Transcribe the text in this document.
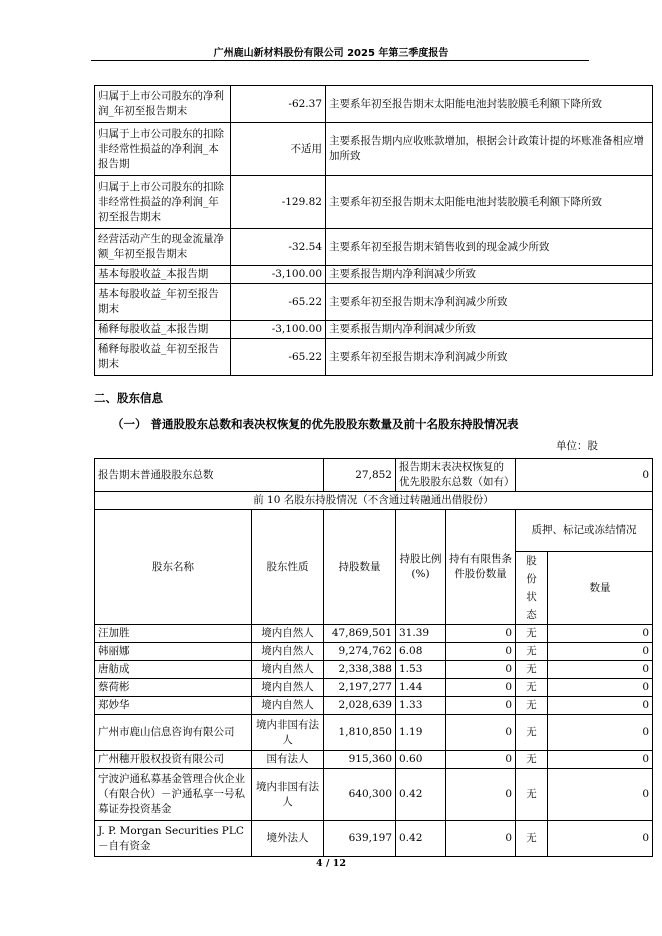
广州鹿山新材料股份有限公司 2025 年第三季度报告
归属于上市公司股东的净利润_年初至报告期末	-62.37	主要系年初至报告期末太阳能电池封装胶膜毛利额下降所致
归属于上市公司股东的扣除非经常性损益的净利润_本报告期	不适用	主要系报告期内应收账款增加，根据会计政策计提的坏账准备相应增加所致
归属于上市公司股东的扣除非经常性损益的净利润_年初至报告期末	-129.82	主要系年初至报告期末太阳能电池封装胶膜毛利额下降所致
经营活动产生的现金流量净额_年初至报告期末	-32.54	主要系年初至报告期末销售收到的现金减少所致
基本每股收益_本报告期	-3,100.00	主要系报告期内净利润减少所致
基本每股收益_年初至报告期末	-65.22	主要系年初至报告期末净利润减少所致
稀释每股收益_本报告期	-3,100.00	主要系报告期内净利润减少所致
稀释每股收益_年初至报告期末	-65.22	主要系年初至报告期末净利润减少所致
二、股东信息
（一） 普通股股东总数和表决权恢复的优先股股东数量及前十名股东持股情况表
单位：股
报告期末普通股股东总数		27,852	报告期末表决权恢复的优先股股东总数（如有）		0	
前 10 名股东持股情况（不含通过转融通出借股份）						
股东名称	股东性质	持股数量	持股比例(%)	持有有限售条件股份数量	质押、标记或冻结情况	
					股份状态	数量
汪加胜	境内自然人	47,869,501	31.39	0	无	0
韩丽娜	境内自然人	9,274,762	6.08	0	无	0
唐舫成	境内自然人	2,338,388	1.53	0	无	0
蔡荷彬	境内自然人	2,197,277	1.44	0	无	0
郑妙华	境内自然人	2,028,639	1.33	0	无	0
广州市鹿山信息咨询有限公司	境内非国有法人	1,810,850	1.19	0	无	0
广州穗开股权投资有限公司	国有法人	915,360	0.60	0	无	0
宁波沪通私募基金管理合伙企业（有限合伙）－沪通私享一号私募证券投资基金	境内非国有法人	640,300	0.42	0	无	0
J. P. Morgan Securities PLC－自有资金	境外法人	639,197	0.42	0	无	0
4 / 12
